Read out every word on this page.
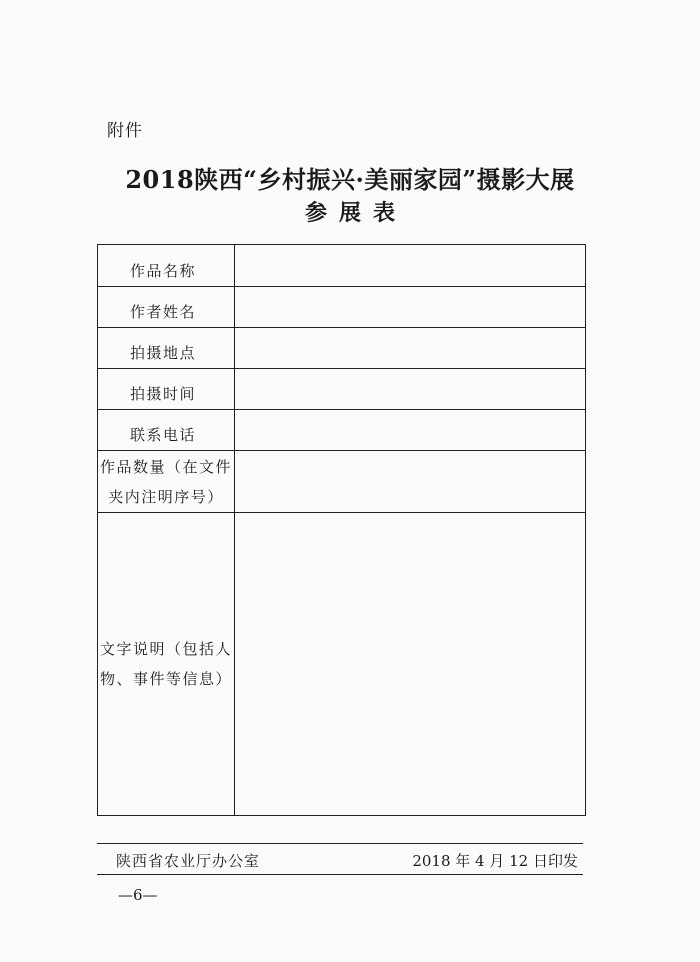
附件
2018陕西“乡村振兴·美丽家园”摄影大展
参展表
作品名称	

作者姓名	

拍摄地点	

拍摄时间	

联系电话	

作品数量（在文件
夹内注明序号）	

文字说明（包括人
物、事件等信息）	

陕西省农业厅办公室	2018 年 4 月 12 日印发
—6—
